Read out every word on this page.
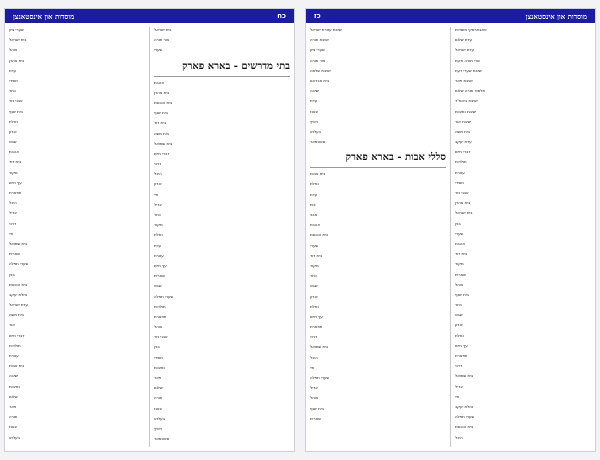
כז	מוסדות און אינסטאנצן
ישיבת עטרת ישראל
ישיבת תורה
שערי ציון
אור תורה
ישיבת שלמה
בית אברהם
ישיבה
עדת
צאנז
ויזניץ
בעלזא
סאטמאר
סללי אבות - בארא פארק
בית אבות
נחלת
עדת
בית
אבני
אהבת
בית הכנסת
שערי
בית דוד
מקור
כתר
שבט
זכרון
נחלת
עץ חיים
תפארת
דרכי
בית שמואל
היכל
חיי
שערי תפלה
יגדיל
אוהל
בית יוסף
שארית
טאבארסקי מוסדות
עדת שלום
עדת ישראל
שרי תורה ודעת
ישיבת שערי דעת
ישיבת פאר
תלמוד תורה שלום
ישיבת ביהמ"ד
ישיבת נתיבות
ישיבת אור
בית משה
עדת יעקב
דברי חיים
תולדות
עטרת
חסידי
אבני נזר
בית אהרן
בית ישראל
בנין
שערי
אהבת
בית דוד
מקור
שארית
אוהל
בית יוסף
כתר
שבט
זכרון
נחלת
עץ חיים
תפארת
דרכי
בית שמואל
יגדיל
חיי
נחלת יעקב
שערי תפלה
בית הכנסת
היכל
מוסדות און אינסטאנצן	כח
שערי ציון
בית ישראל
אוהל
בית אהרן
עדת
חסידי
כתר
אבני נזר
בית יוסף
נחלת
זכרון
שבט
אהבת
בית דוד
מקור
עץ חיים
תפארת
היכל
יגדיל
דרכי
חיי
בית שמואל
שארית
שערי תפלה
בנין
בית הכנסת
נחלת יעקב
עדת ישראל
בית משה
אור
דברי חיים
תולדות
עטרת
בית אבות
ישיבה
נתיבות
שלום
פאר
תורה
צאנז
בעלזא
בית ישראל
אור תורה
שערי
בתי מדרשים - בארא פארק
אהבת
בית אהרן
בית הכנסת
בית יוסף
בית דוד
בית משה
בית שמואל
דברי חיים
דרכי
היכל
זכרון
חיי
יגדיל
כתר
מקור
נחלת
עדת
עטרת
עץ חיים
שארית
שבט
שערי תפלה
תולדות
תפארת
אוהל
אבני נזר
בנין
חסידי
נתיבות
פאר
שלום
תורה
צאנז
בעלזא
ויזניץ
סאטמאר
